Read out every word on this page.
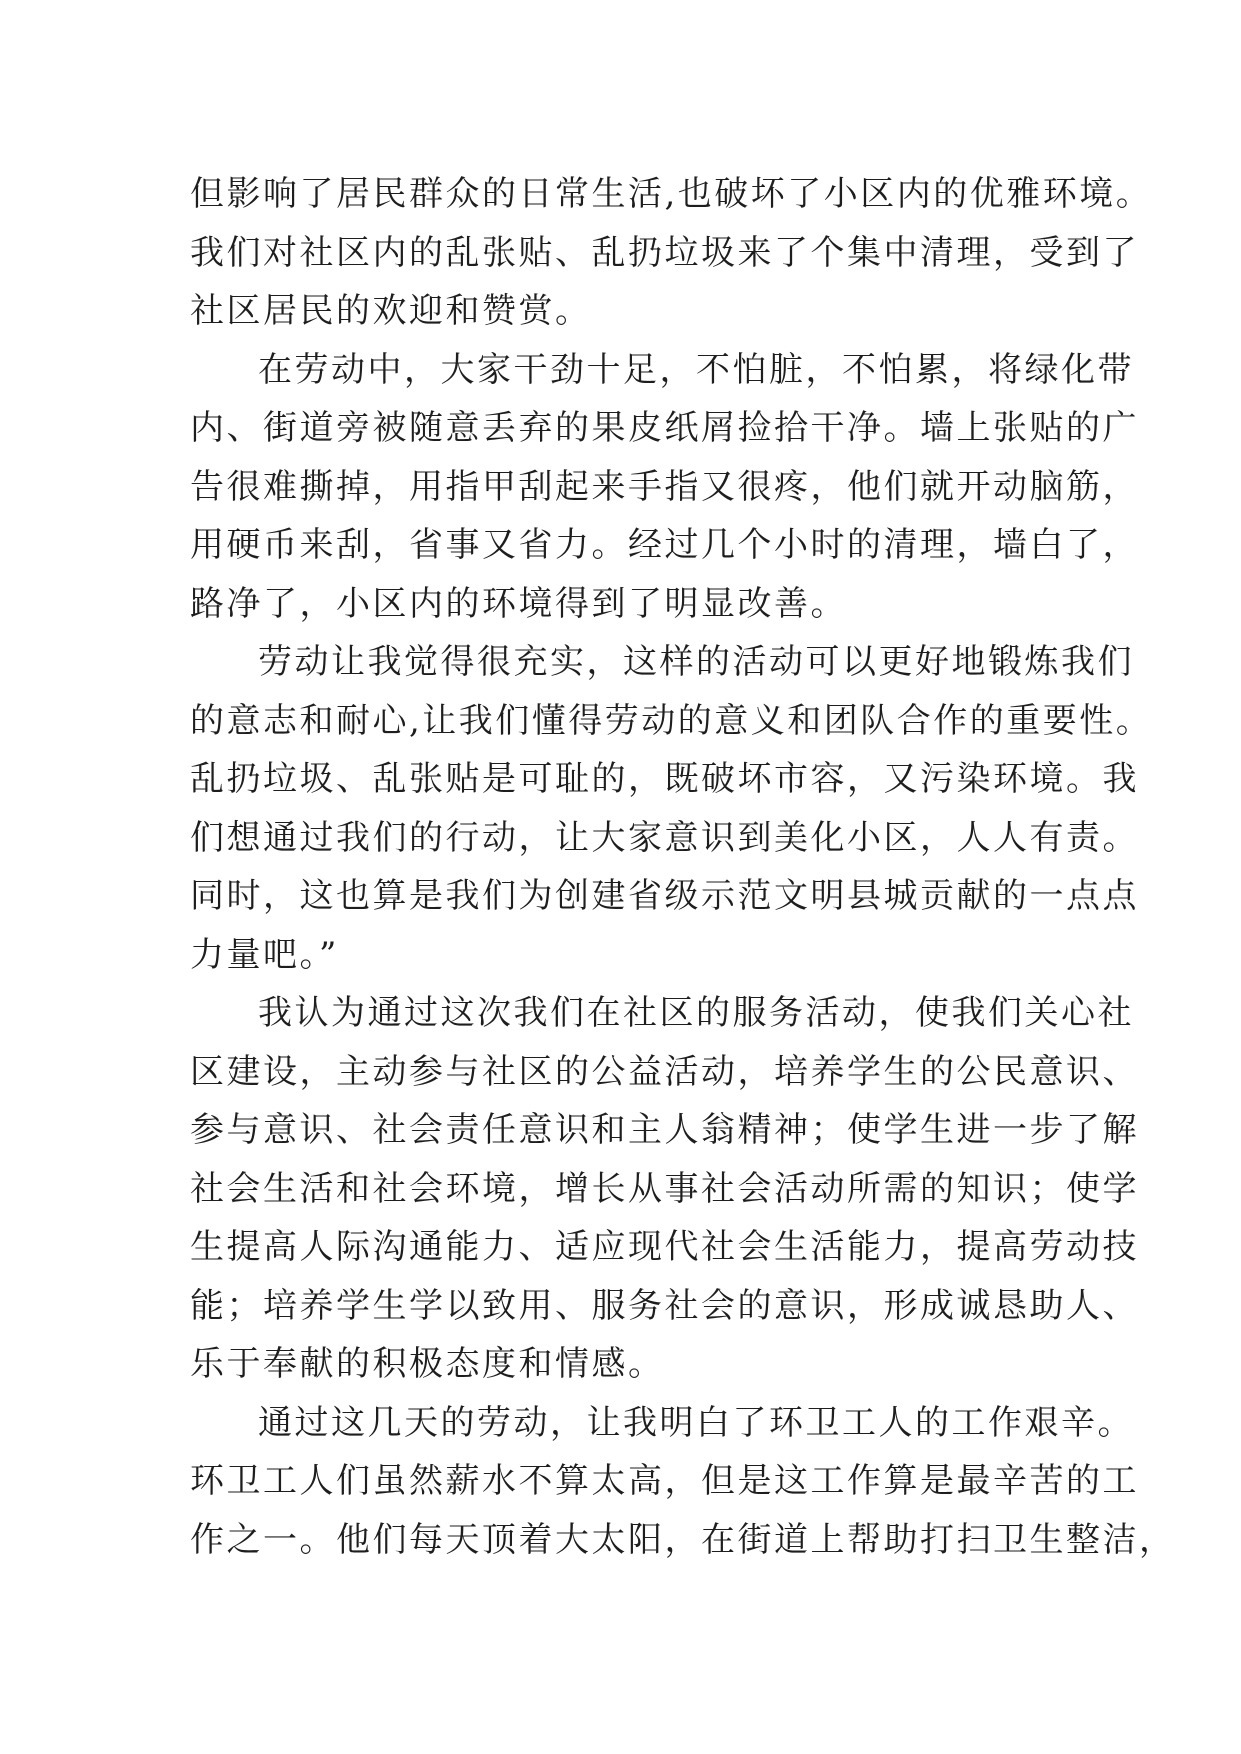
但影响了居民群众的日常生活,也破坏了小区内的优雅环境。
我们对社区内的乱张贴、乱扔垃圾来了个集中清理，受到了
社区居民的欢迎和赞赏。
在劳动中，大家干劲十足，不怕脏，不怕累，将绿化带
内、街道旁被随意丢弃的果皮纸屑捡拾干净。墙上张贴的广
告很难撕掉，用指甲刮起来手指又很疼，他们就开动脑筋，
用硬币来刮，省事又省力。经过几个小时的清理，墙白了，
路净了，小区内的环境得到了明显改善。
劳动让我觉得很充实，这样的活动可以更好地锻炼我们
的意志和耐心,让我们懂得劳动的意义和团队合作的重要性。
乱扔垃圾、乱张贴是可耻的，既破坏市容，又污染环境。我
们想通过我们的行动，让大家意识到美化小区，人人有责。
同时，这也算是我们为创建省级示范文明县城贡献的一点点
力量吧。”
我认为通过这次我们在社区的服务活动，使我们关心社
区建设，主动参与社区的公益活动，培养学生的公民意识、
参与意识、社会责任意识和主人翁精神；使学生进一步了解
社会生活和社会环境，增长从事社会活动所需的知识；使学
生提高人际沟通能力、适应现代社会生活能力，提高劳动技
能；培养学生学以致用、服务社会的意识，形成诚恳助人、
乐于奉献的积极态度和情感。
通过这几天的劳动，让我明白了环卫工人的工作艰辛。
环卫工人们虽然薪水不算太高，但是这工作算是最辛苦的工
作之一。他们每天顶着大太阳，在街道上帮助打扫卫生整洁，
